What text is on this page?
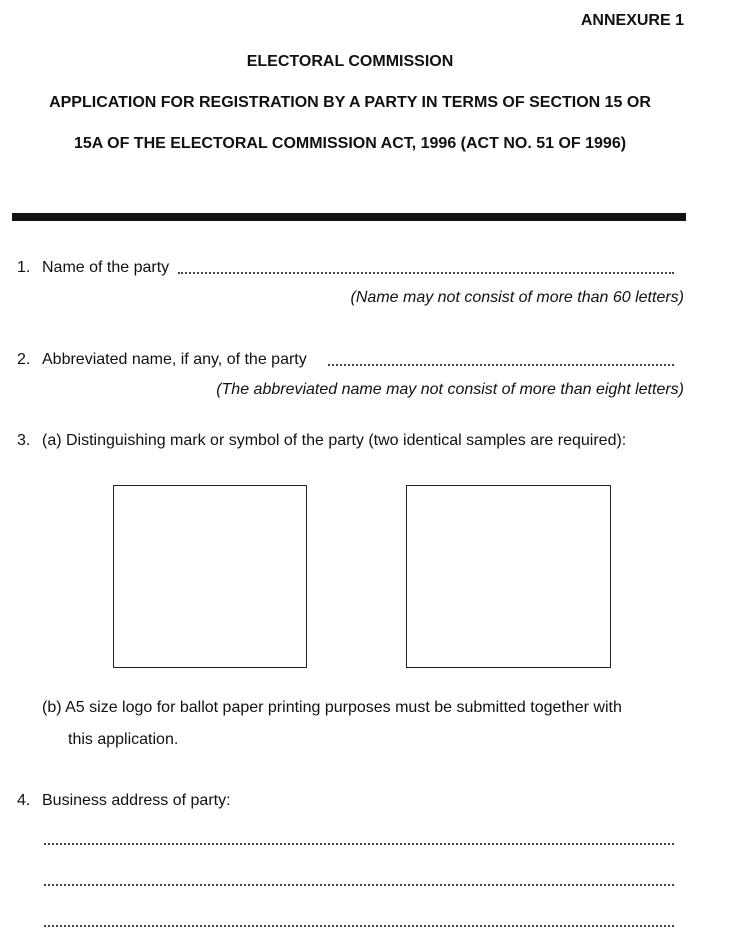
ANNEXURE 1
ELECTORAL COMMISSION
APPLICATION FOR REGISTRATION BY A PARTY IN TERMS OF SECTION 15 OR
15A OF THE ELECTORAL COMMISSION ACT, 1996 (ACT NO. 51 OF 1996)
1. Name of the party
(Name may not consist of more than 60 letters)
2. Abbreviated name, if any, of the party
(The abbreviated name may not consist of more than eight letters)
3. (a) Distinguishing mark or symbol of the party (two identical samples are required):
(b) A5 size logo for ballot paper printing purposes must be submitted together with
this application.
4. Business address of party:
